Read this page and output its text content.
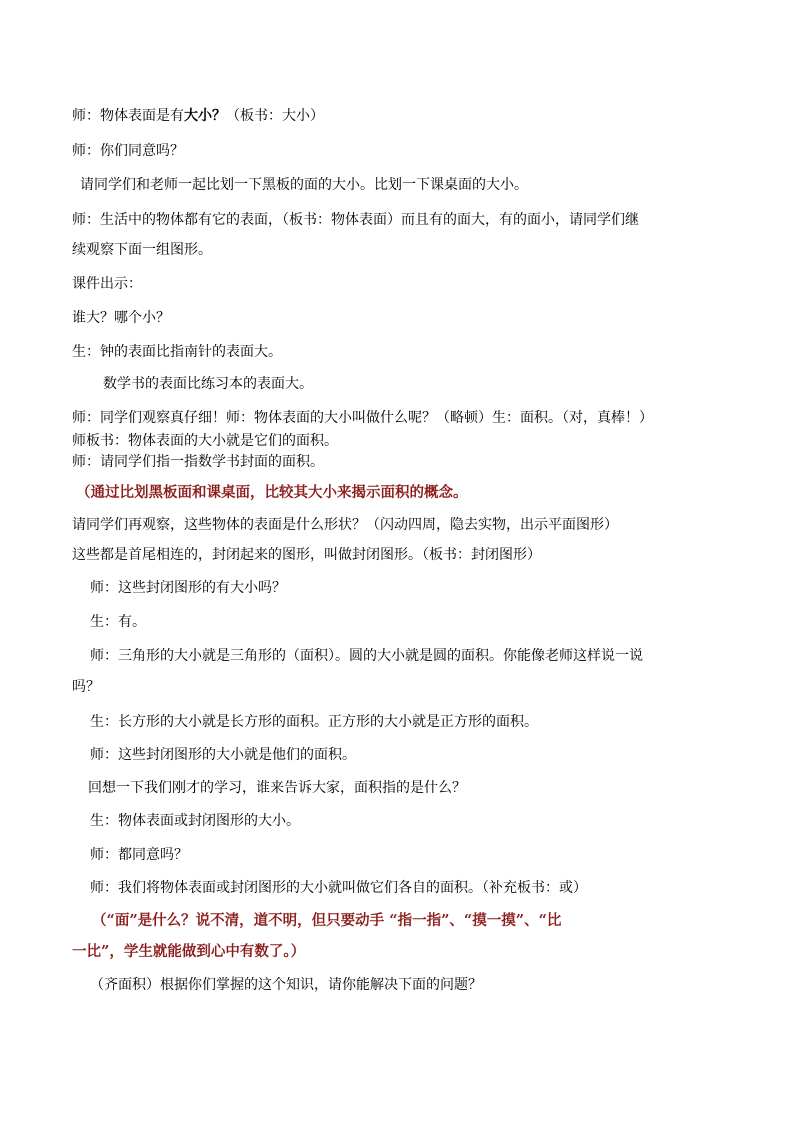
师：物体表面是有大小？（板书：大小）
师：你们同意吗？
请同学们和老师一起比划一下黑板的面的大小。比划一下课桌面的大小。
师：生活中的物体都有它的表面，（板书：物体表面）而且有的面大，有的面小，请同学们继
续观察下面一组图形。
课件出示：
谁大？哪个小？
生：钟的表面比指南针的表面大。
数学书的表面比练习本的表面大。
师：同学们观察真仔细！师：物体表面的大小叫做什么呢？（略顿）生：面积。（对，真棒！）
师板书：物体表面的大小就是它们的面积。
师：请同学们指一指数学书封面的面积。
（通过比划黑板面和课桌面，比较其大小来揭示面积的概念。
请同学们再观察，这些物体的表面是什么形状？（闪动四周，隐去实物，出示平面图形）
这些都是首尾相连的，封闭起来的图形，叫做封闭图形。（板书：封闭图形）
师：这些封闭图形的有大小吗？
生：有。
师：三角形的大小就是三角形的（面积）。圆的大小就是圆的面积。你能像老师这样说一说
吗？
生：长方形的大小就是长方形的面积。正方形的大小就是正方形的面积。
师：这些封闭图形的大小就是他们的面积。
回想一下我们刚才的学习，谁来告诉大家，面积指的是什么？
生：物体表面或封闭图形的大小。
师：都同意吗？
师：我们将物体表面或封闭图形的大小就叫做它们各自的面积。（补充板书：或）
（“面”是什么？说不清，道不明，但只要动手 “指一指”、“摸一摸”、“比
一比”，学生就能做到心中有数了。）
（齐面积）根据你们掌握的这个知识，请你能解决下面的问题？
